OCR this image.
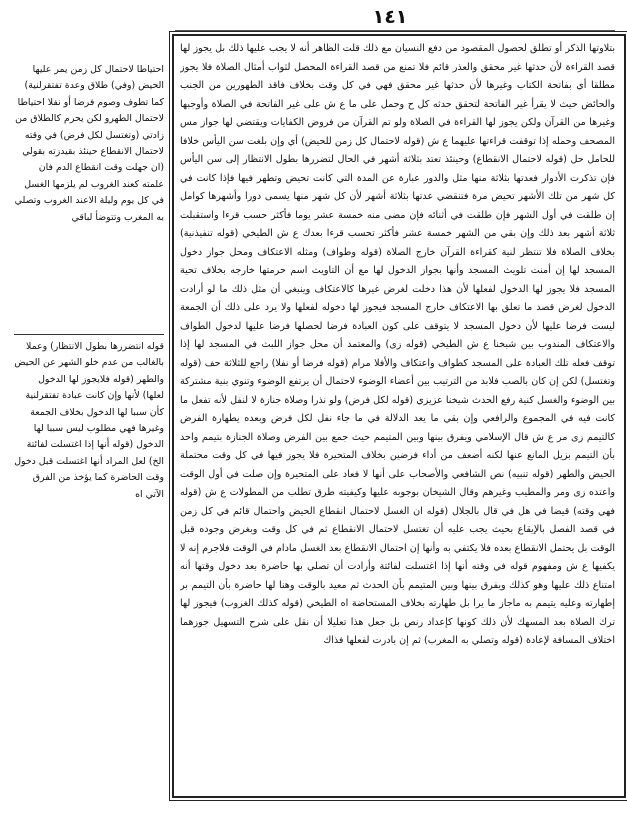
١٤١
بتلاوتها الذكر أو تطلق لحصول المقصود من دفع النسيان مع ذلك قلت الظاهر أنه لا يجب عليها ذلك بل يجوز لها قصد القراءة لأن حدثها غير محقق والعذر قائم فلا تمنع من قصد القراءة المحصل لثواب أمثال الصلاة فلا يجوز مطلقا أي بفاتحة الكتاب وغيرها لأن حدثها غير محقق فهي في كل وقت بخلاف فاقد الطهورين من الجنب والحائض حيث لا يقرأ غير الفاتحة لتحقق حدثه كل ح وحمل على ما ع ش على غير الفاتحة في الصلاة وأوجبها وغيرها من القرآن ولكن يجوز لها القراءة في الصلاة ولو تم القرآن من فروض الكفايات ويقتضي لها جواز مس المصحف وحمله إذا توقفت قراءتها عليهما ع ش (قوله لاحتمال كل زمن للحيض) أي وإن بلغت سن اليأس خلافا للحامل حل (قوله لاحتمال الانقطاع) وحينئذ تعتد بثلاثة أشهر في الحال لتضررها بطول الانتظار إلى سن اليأس فإن تذكرت الأدوار فعدتها بثلاثة منها مثل والدور عبارة عن المدة التي كانت تحيض وتطهر فيها فإذا كانت في كل شهر من تلك الأشهر تحيض مرة فتنقضي عدتها بثلاثة أشهر لأن كل شهر منها يسمى دورا وأشهرها كوامل إن طلقت في أول الشهر فإن طلقت في أثنائه فإن مضى منه خمسة عشر يوما فأكثر حسب قرءا واستقبلت ثلاثة أشهر بعد ذلك وإن بقي من الشهر خمسة عشر فأكثر تحسب قرءا بعدك ع ش الطيخي (قوله تنفيذنية) بخلاف الصلاة فلا تنتظر لنية كقراءة القرآن خارج الصلاة (قوله وطواف) ومثله الاعتكاف ومحل جواز دخول المسجد لها إن أمنت تلويث المسجد وأنها بجواز الدخول لها مع أن التاويث اسم حرمتها خارجه بخلاف تحية المسجد فلا يجوز لها الدخول لفعلها لأن هذا دخلت لغرض غيرها كالاعتكاف وينبغي أن مثل ذلك ما لو أرادت الدخول لغرض قصد ما تعلق بها الاعتكاف خارج المسجد فيجوز لها دخوله لفعلها ولا يرد على ذلك أن الجمعة ليست فرضا عليها لأن دخول المسجد لا يتوقف على كون العبادة فرضا لحصلها فرضا عليها لدخول الطواف والاعتكاف المندوب بين شبخنا ع ش الطيخي (قوله زى) والمعتمد أن محل جواز اللبث في المسجد لها إذا توقف فعله تلك العبادة على المسجد كطواف واعتكاف والأفلا مرام (قوله فرضا أو نفلا) راجع للثلاثة حف (قوله وتغتسل) لكن إن كان بالصب فلابد من الترتيب بين أعضاء الوضوء لاحتمال أن يرتفع الوضوء وتنوي بنية مشتركة بين الوضوء والغسل كنية رفع الحدث شيخنا عزيزي (قوله لكل فرض) ولو نذرا وصلاة جنازة لا لنفل لأنه تفعل ما كانت فيه في المجموع والرافعي وإن بقي ما يعد الدلالة في ما جاء نفل لكل فرض وبعده يطهارة الفرض كالتيمم زى مر ع ش قال الإسلامي ويفرق بينها وبين المتيمم حيث جمع بين الفرض وصلاة الجنازة بتيمم واحد بأن التيمم بزيل المانع عنها لكنه أضعف من أداء فرضين بخلاف المتحيرة فلا يجوز فيها في كل وقت محتملة الحيض والطهر (قوله تنبيه) نص الشافعي والأصحاب على أنها لا فعاد على المتحيرة وإن صلت في أول الوقت واعتده زى ومر والمطيب وغيرهم وقال الشيخان بوجوبه عليها وكيفيته طرق تطلب من المطولات ع ش (قوله فهي وقته) قيضا في هل في قال بالجلال (قوله ان الغسل لاحتمال انقطاع الحيض واحتمال قائم في كل زمن في قصد الفصل بالإيقاع بحيث يجب عليه أن تغتسل لاحتمال الانقطاع ثم في كل وقت وبغرض وجوده قبل الوقت بل يحتمل الانقطاع بعده فلا يكتفي به وأنها إن احتمال الانقطاع بعد الغسل مادام في الوقت فلاجرم إنه لا يكفيها ع ش ومفهوم قوله في وقته أنها إذا اغتسلت لفائتة وأرادت أن تصلي بها حاضرة بعد دخول وقتها أنه امتناع ذلك عليها وهو كذلك ويفرق بينها وبين المتيمم بأن الحدث ثم معيد بالوقت وهنا لها حاضرة بأن التيمم بر إطهارته وعليه يتيمم به ماجاز ما يرا بل طهارته بخلاف المستحاضة اه الطيخي (قوله كذلك الغروب) فيجوز لها ترك الصلاة بعد المسهك لأن ذلك كونها كإعداد رنص بل جعل هذا تعليلا أن نقل على شرح التسهيل جوزهما اختلاف المسافة لإعادة (قوله وتصلي به المغرب) ثم إن بادرت لفعلها فذاك
احتياطا لاحتمال كل زمن يمر عليها الحيض (وفي) طلاق وعدة تفتقرلنية) كما تطوف وصوم فرضا أو نفلا احتياطا لاحتمال الطهرو لكن يحرم كالطلاق من زادتي (وتغتسل لكل فرض) في وقته لاحتمال الانقطاع حينئذ بقيدزته بقولي (ان جهلت وقت انقطاع الدم فان علمته كعند الغروب لم يلزمها الغسل في كل يوم وليلة الاعند الغروب وتصلي به المغرب وتتوضأ لباقي
قوله انتضررها بطول الانتظار) وعملا بالغالب من عدم خلو الشهر عن الحيض والطهر (قوله فلايجوز لها الدخول لعلها) لأنها وإن كانت عبادة تفتقرلنية كأن سببا لها الدخول بخلاف الجمعة وغيرها فهي مطلوب ليس سببا لها الدخول (قوله أنها إذا اغتسلت لفائتة الخ) لعل المراد أنها اغتسلت قبل دخول وقت الحاضرة كما يؤخذ من الفرق الآتي اه
